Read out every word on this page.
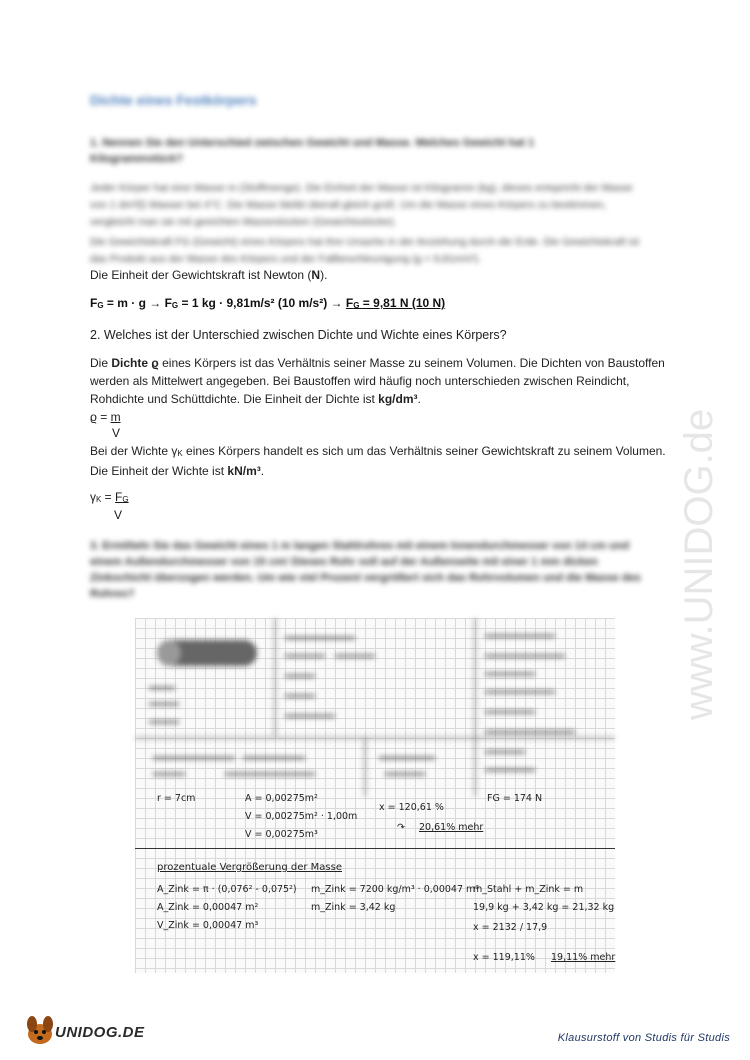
Dichte eines Festkörpers
1. Nennen Sie den Unterschied zwischen Gewicht und Masse. Welches Gewicht hat 1 Kilogrammstück?
Jeder Körper hat eine Masse m (Stoffmenge). Die Einheit der Masse ist Kilogramm (kg), dieses entspricht der Masse von 1 dm³(l) Wasser bei 4°C. Die Masse bleibt überall gleich groß. Um die Masse eines Körpers zu bestimmen, vergleicht man sie mit geeichten Massestücken (Gewichtsstücke).
Die Gewichtskraft FG (Gewicht) eines Körpers hat ihre Ursache in der Anziehung durch die Erde. Die Gewichtskraft ist das Produkt aus der Masse des Körpers und der Fallbeschleunigung (g = 9,81m/s²).
Die Einheit der Gewichtskraft ist Newton (N).
FG = m · g → FG = 1 kg · 9,81m/s² (10 m/s²) → FG = 9,81 N (10 N)
2. Welches ist der Unterschied zwischen Dichte und Wichte eines Körpers?
Die Dichte ϱ eines Körpers ist das Verhältnis seiner Masse zu seinem Volumen. Die Dichten von Baustoffen werden als Mittelwert angegeben. Bei Baustoffen wird häufig noch unterschieden zwischen Reindicht, Rohdichte und Schüttdichte. Die Einheit der Dichte ist kg/dm³.
ϱ = m
V
Bei der Wichte γK eines Körpers handelt es sich um das Verhältnis seiner Gewichtskraft zu seinem Volumen. Die Einheit der Wichte ist kN/m³.
γK = FG
V
3. Ermitteln Sie das Gewicht eines 1 m langen Stahlrohres mit einem Innendurchmesser von 14 cm und einem Außendurchmesser von 15 cm! Dieses Rohr soll auf der Außenseite mit einer 1 mm dicken Zinkschicht überzogen werden. Um wie viel Prozent vergrößert sich das Rohrvolumen und die Masse des Rohres?
r = 7cm	A = 0,00275m²
V = 0,00275m² · 1,00m
V = 0,00275m³
x = 120,61 %
↷ 20,61% mehr
FG = 174 N
prozentuale Vergrößerung der Masse
A_Zink = π · (0,076² - 0,075²)
A_Zink = 0,00047 m²
V_Zink = 0,00047 m³
m_Zink = 7200 kg/m³ · 0,00047 m³
m_Zink = 3,42 kg
m_Stahl + m_Zink = m
19,9 kg + 3,42 kg = 21,32 kg
x = 2132 / 17,9
x = 119,11% 19,11% mehr
www.UNIDOG.de
UNIDOG.DE	Klausurstoff von Studis für Studis
